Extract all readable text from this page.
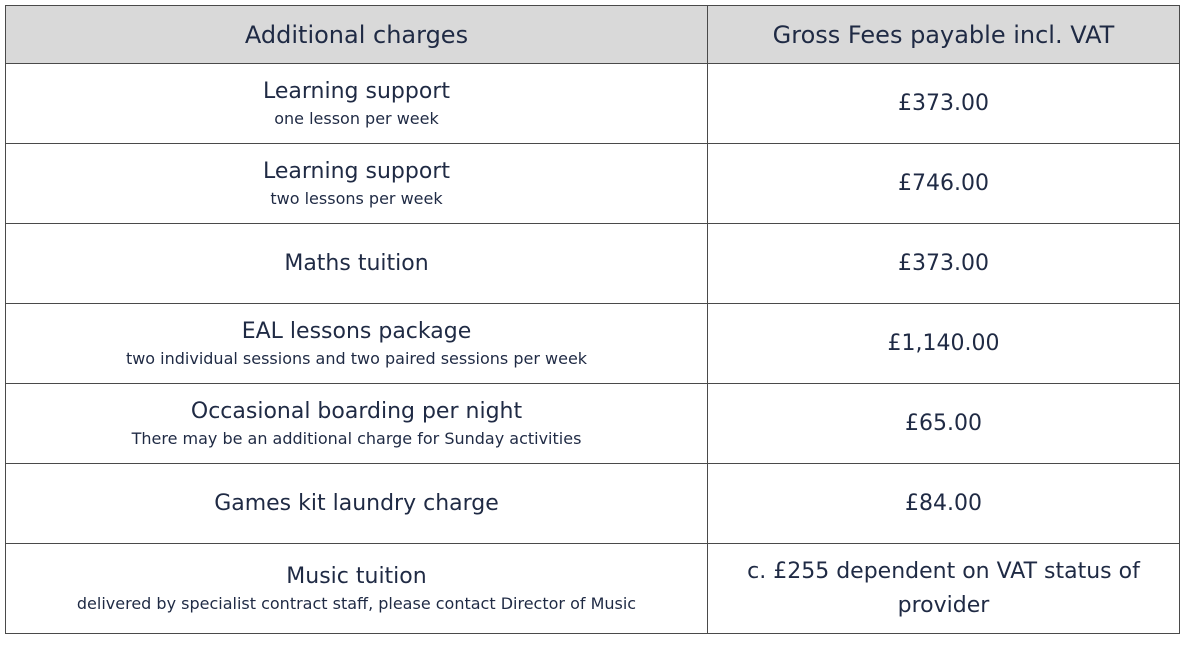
Additional charges	Gross Fees payable incl. VAT

Learning support
one lesson per week	£373.00

Learning support
two lessons per week	£746.00

Maths tuition	£373.00

EAL lessons package
two individual sessions and two paired sessions per week	£1,140.00

Occasional boarding per night
There may be an additional charge for Sunday activities	£65.00

Games kit laundry charge	£84.00

Music tuition
delivered by specialist contract staff, please contact Director of Music	c. £255 dependent on VAT status of provider
